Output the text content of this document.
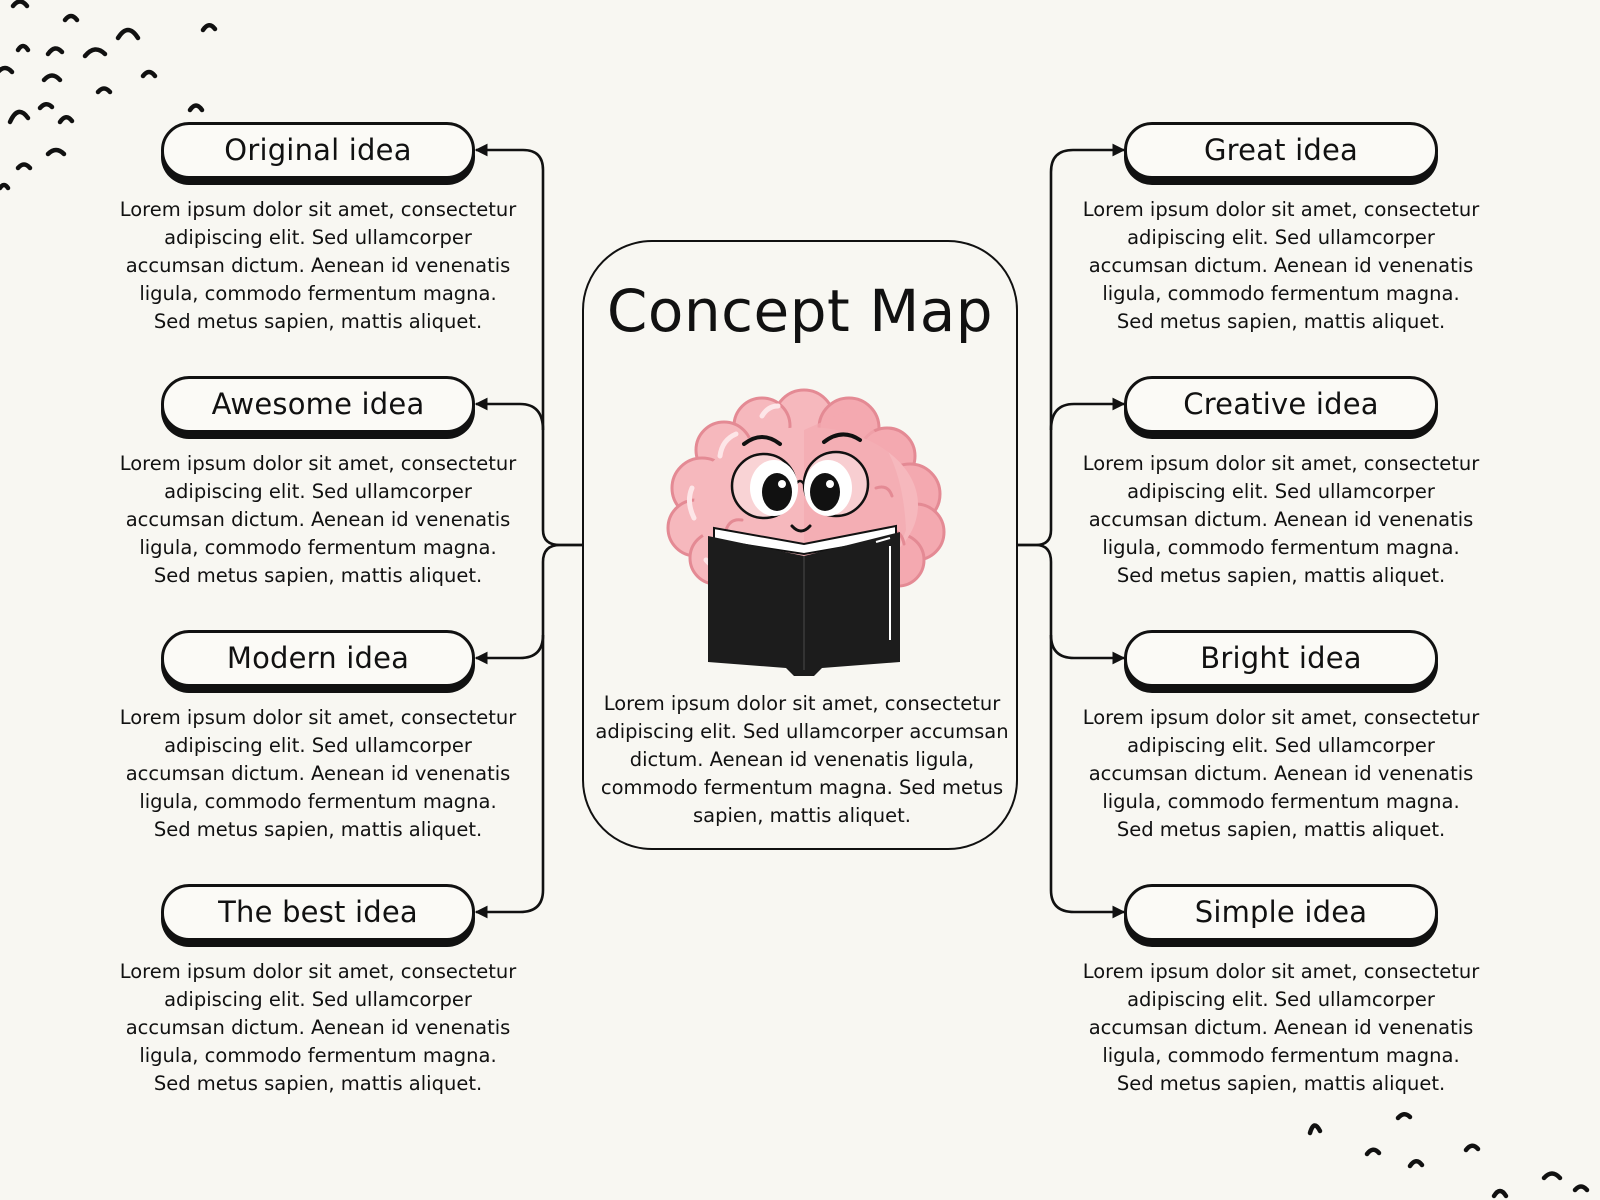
Original idea
Lorem ipsum dolor sit amet, consectetur adipiscing elit. Sed ullamcorper accumsan dictum. Aenean id venenatis ligula, commodo fermentum magna. Sed metus sapien, mattis aliquet.
Awesome idea
Lorem ipsum dolor sit amet, consectetur adipiscing elit. Sed ullamcorper accumsan dictum. Aenean id venenatis ligula, commodo fermentum magna. Sed metus sapien, mattis aliquet.
Modern idea
Lorem ipsum dolor sit amet, consectetur adipiscing elit. Sed ullamcorper accumsan dictum. Aenean id venenatis ligula, commodo fermentum magna. Sed metus sapien, mattis aliquet.
The best idea
Lorem ipsum dolor sit amet, consectetur adipiscing elit. Sed ullamcorper accumsan dictum. Aenean id venenatis ligula, commodo fermentum magna. Sed metus sapien, mattis aliquet.
Great idea
Lorem ipsum dolor sit amet, consectetur adipiscing elit. Sed ullamcorper accumsan dictum. Aenean id venenatis ligula, commodo fermentum magna. Sed metus sapien, mattis aliquet.
Creative idea
Lorem ipsum dolor sit amet, consectetur adipiscing elit. Sed ullamcorper accumsan dictum. Aenean id venenatis ligula, commodo fermentum magna. Sed metus sapien, mattis aliquet.
Bright idea
Lorem ipsum dolor sit amet, consectetur adipiscing elit. Sed ullamcorper accumsan dictum. Aenean id venenatis ligula, commodo fermentum magna. Sed metus sapien, mattis aliquet.
Simple idea
Lorem ipsum dolor sit amet, consectetur adipiscing elit. Sed ullamcorper accumsan dictum. Aenean id venenatis ligula, commodo fermentum magna. Sed metus sapien, mattis aliquet.
Concept Map
Lorem ipsum dolor sit amet, consectetur adipiscing elit. Sed ullamcorper accumsan dictum. Aenean id venenatis ligula, commodo fermentum magna. Sed metus sapien, mattis aliquet.
